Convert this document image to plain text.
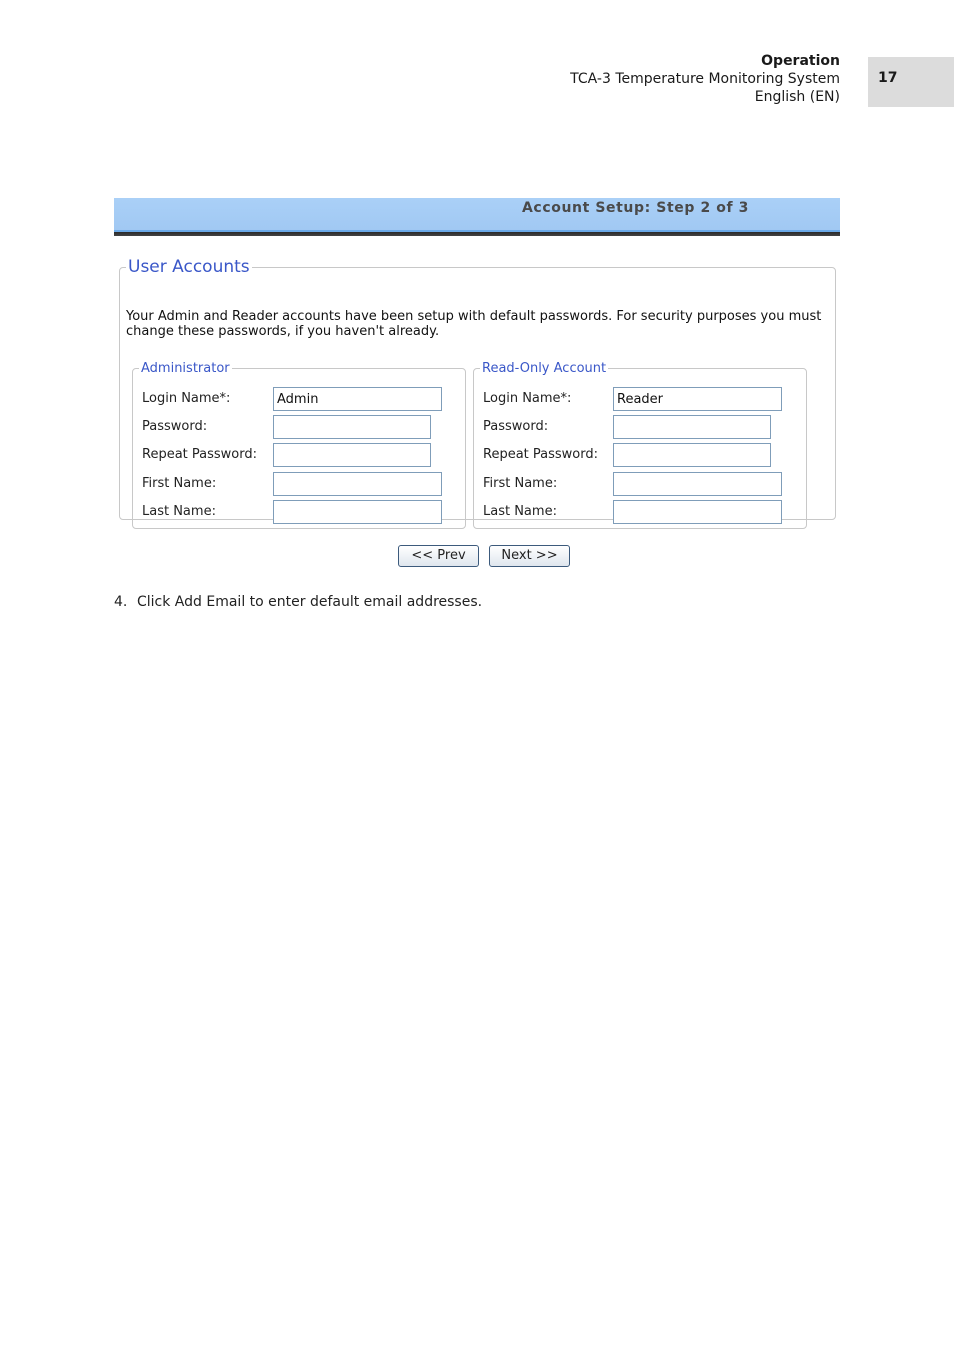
Operation
TCA-3 Temperature Monitoring System
English (EN)
17
Account Setup: Step 2 of 3
User Accounts
Your Admin and Reader accounts have been setup with default passwords. For security purposes you must change these passwords, if you haven't already.
Administrator
Login Name*:
Admin
Password:
Repeat Password:
First Name:
Last Name:
Read-Only Account
Login Name*:
Reader
Password:
Repeat Password:
First Name:
Last Name:
<< Prev	Next >>
4. Click Add Email to enter default email addresses.
